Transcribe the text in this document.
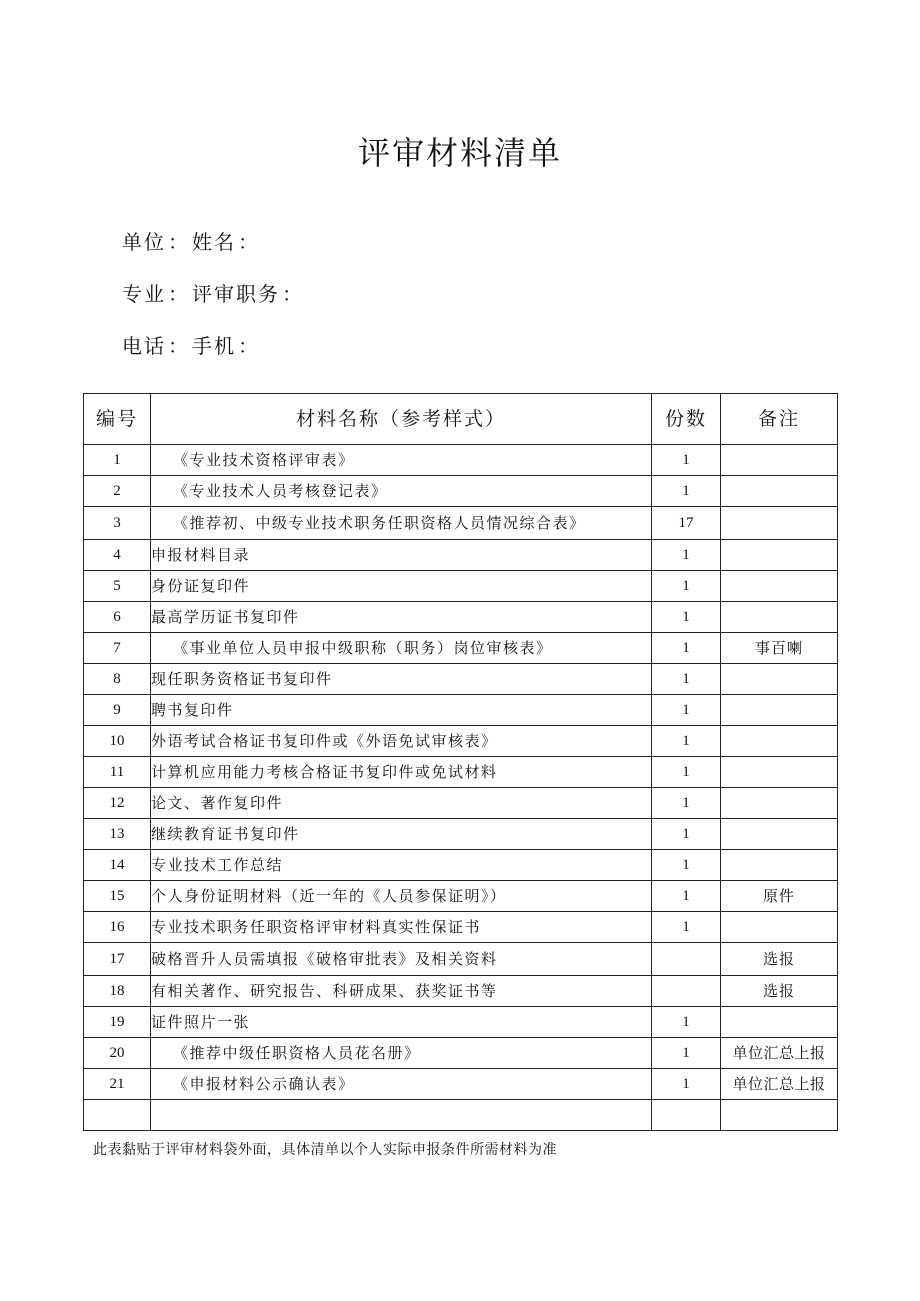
评审材料清单
单位 ： 姓名 ：
专业 ： 评审职务 ：
电话 ： 手机 ：
编号	材料名称（参考样式）	份数	备注
1	《专业技术资格评审表》	1	
2	《专业技术人员考核登记表》	1	
3	《推荐初、中级专业技术职务任职资格人员情况综合表》	17	
4	申报材料目录	1	
5	身份证复印件	1	
6	最高学历证书复印件	1	
7	《事业单位人员申报中级职称（职务）岗位审核表》	1	事百喇
8	现任职务资格证书复印件	1	
9	聘书复印件	1	
10	外语考试合格证书复印件或《外语免试审核表》	1	
11	计算机应用能力考核合格证书复印件或免试材料	1	
12	论文、著作复印件	1	
13	继续教育证书复印件	1	
14	专业技术工作总结	1	
15	个人身份证明材料（近一年的《人员参保证明》）	1	原件
16	专业技术职务任职资格评审材料真实性保证书	1	
17	破格晋升人员需填报《破格审批表》及相关资料		选报
18	有相关著作、研究报告、科研成果、获奖证书等		选报
19	证件照片一张	1	
20	《推荐中级任职资格人员花名册》	1	单位汇总上报
21	《申报材料公示确认表》	1	单位汇总上报

此表黏贴于评审材料袋外面，具体清单以个人实际申报条件所需材料为准
